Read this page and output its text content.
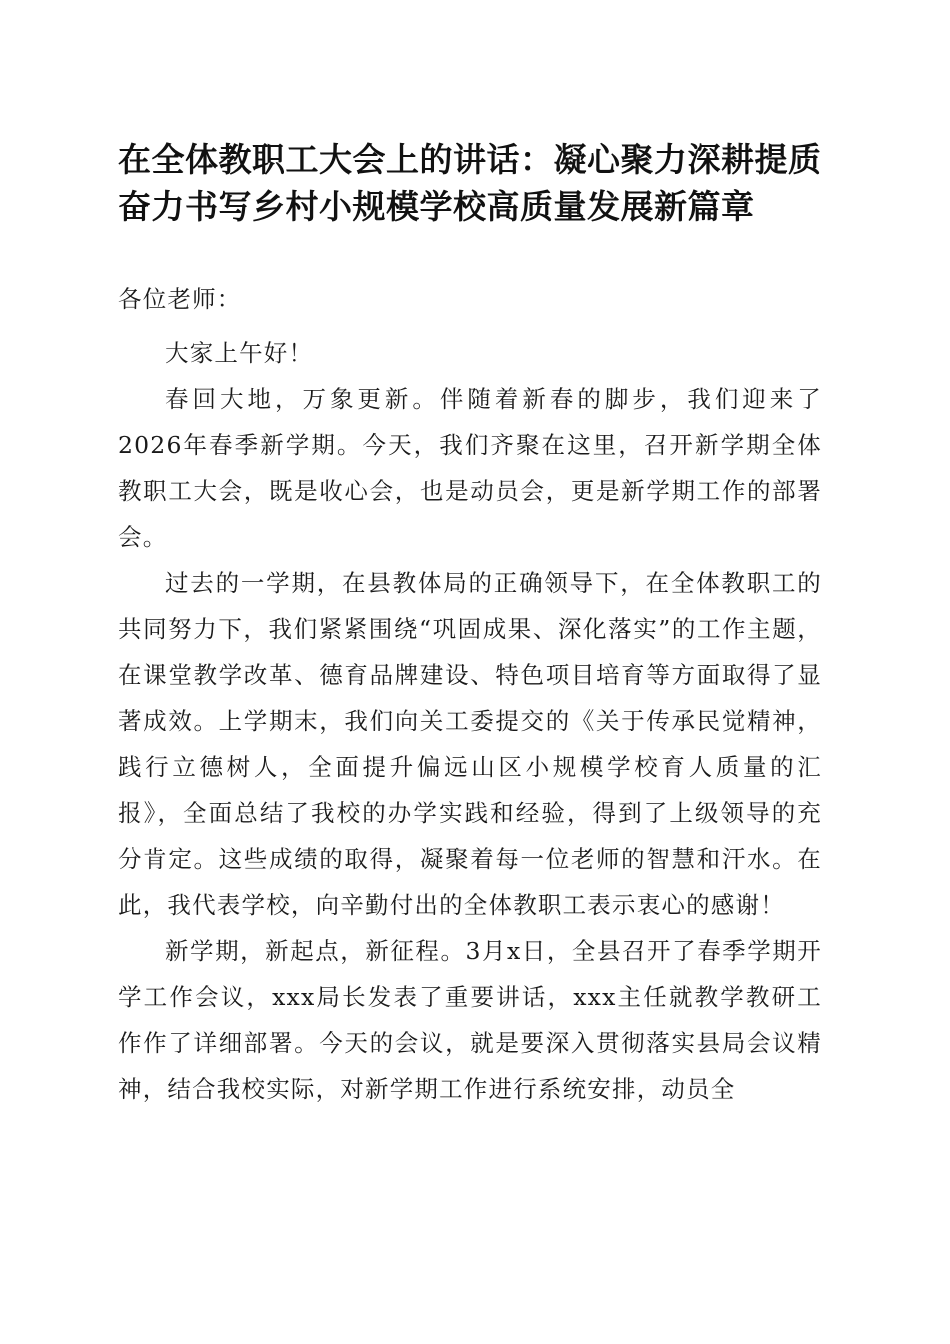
在全体教职工大会上的讲话：凝心聚力深耕提质奋力书写乡村小规模学校高质量发展新篇章

各位老师：

大家上午好！

春回大地，万象更新。伴随着新春的脚步，我们迎来了2026年春季新学期。今天，我们齐聚在这里，召开新学期全体教职工大会，既是收心会，也是动员会，更是新学期工作的部署会。

过去的一学期，在县教体局的正确领导下，在全体教职工的共同努力下，我们紧紧围绕“巩固成果、深化落实”的工作主题，在课堂教学改革、德育品牌建设、特色项目培育等方面取得了显著成效。上学期末，我们向关工委提交的《关于传承民觉精神，践行立德树人，全面提升偏远山区小规模学校育人质量的汇报》，全面总结了我校的办学实践和经验，得到了上级领导的充分肯定。这些成绩的取得，凝聚着每一位老师的智慧和汗水。在此，我代表学校，向辛勤付出的全体教职工表示衷心的感谢！

新学期，新起点，新征程。3月x日，全县召开了春季学期开学工作会议，xxx局长发表了重要讲话，xxx主任就教学教研工作作了详细部署。今天的会议，就是要深入贯彻落实县局会议精神，结合我校实际，对新学期工作进行系统安排，动员全
